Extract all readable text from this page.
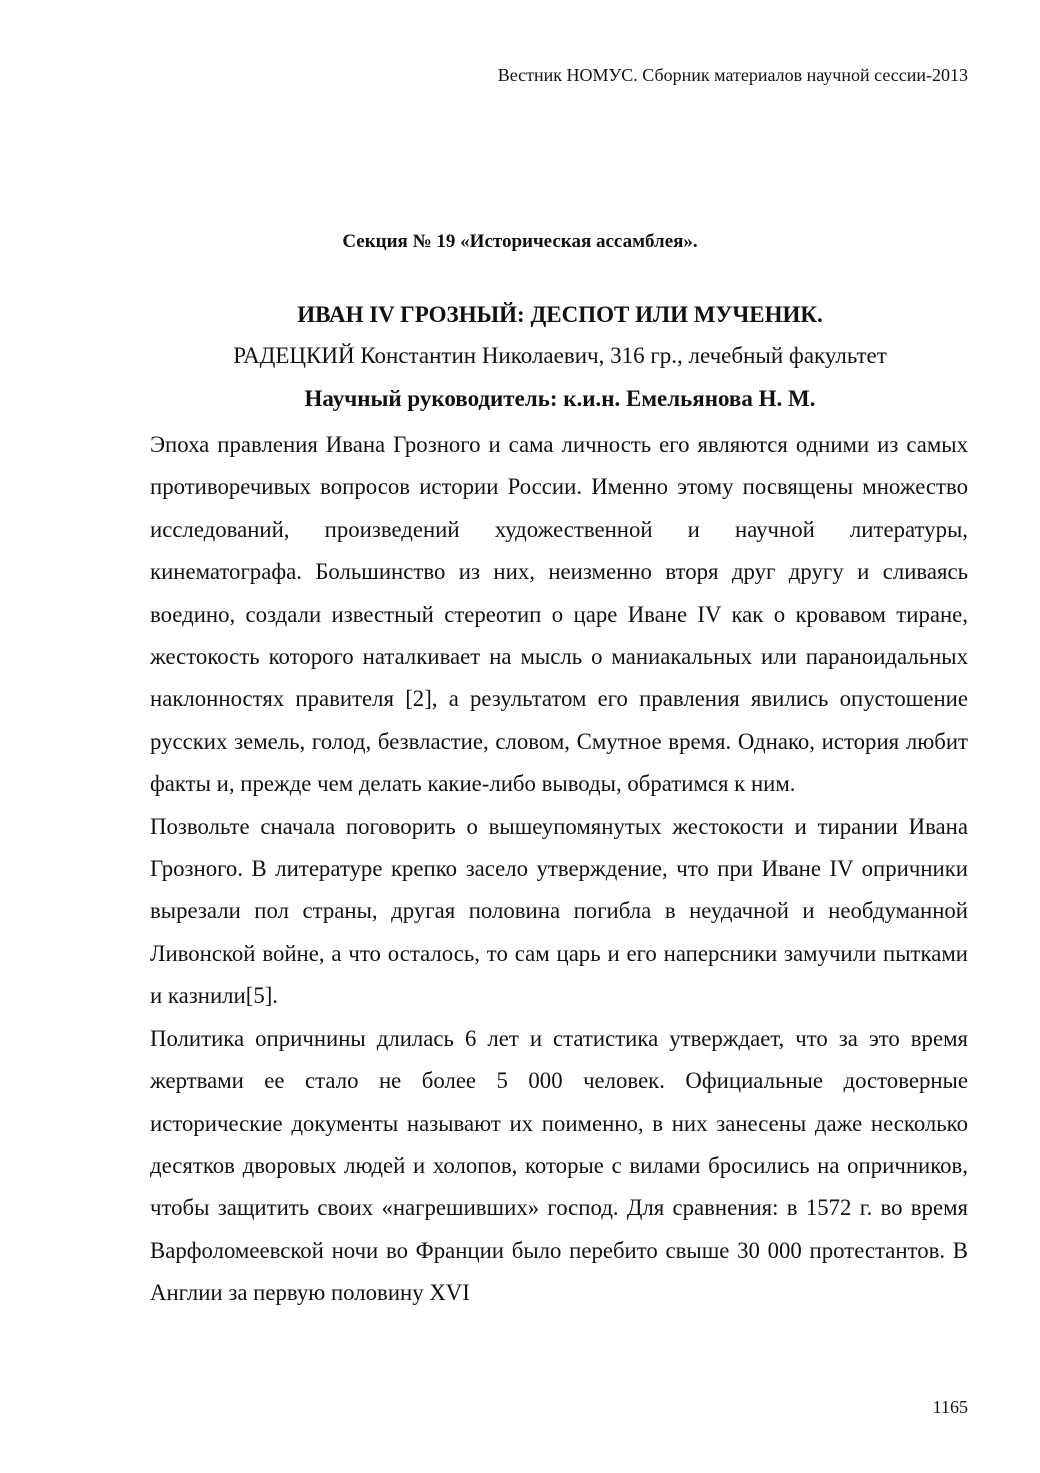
Вестник НОМУС. Сборник материалов научной сессии-2013
Секция № 19 «Историческая ассамблея».
ИВАН IV ГРОЗНЫЙ: ДЕСПОТ ИЛИ МУЧЕНИК.
РАДЕЦКИЙ Константин Николаевич, 316 гр., лечебный факультет
Научный руководитель: к.и.н. Емельянова Н. М.

Эпоха правления Ивана Грозного и сама личность его являются одними из самых противоречивых вопросов истории России. Именно этому посвящены множество исследований, произведений художественной и научной литературы, кинематографа. Большинство из них, неизменно вторя друг другу и сливаясь воедино, создали известный стереотип о царе Иване IV как о кровавом тиране, жестокость которого наталкивает на мысль о маниакальных или параноидальных наклонностях правителя [2], а результатом его правления явились опустошение русских земель, голод, безвластие, словом, Смутное время. Однако, история любит факты и, прежде чем делать какие-либо выводы, обратимся к ним.

Позвольте сначала поговорить о вышеупомянутых жестокости и тирании Ивана Грозного. В литературе крепко засело утверждение, что при Иване IV опричники вырезали пол страны, другая половина погибла в неудачной и необдуманной Ливонской войне, а что осталось, то сам царь и его наперсники замучили пытками и казнили[5].

Политика опричнины длилась 6 лет и статистика утверждает, что за это время жертвами ее стало не более 5 000 человек. Официальные достоверные исторические документы называют их поименно, в них занесены даже несколько десятков дворовых людей и холопов, которые с вилами бросились на опричников, чтобы защитить своих «нагрешивших» господ. Для сравнения: в 1572 г. во время Варфоломеевской ночи во Франции было перебито свыше 30 000 протестантов. В Англии за первую половину XVI

1165
